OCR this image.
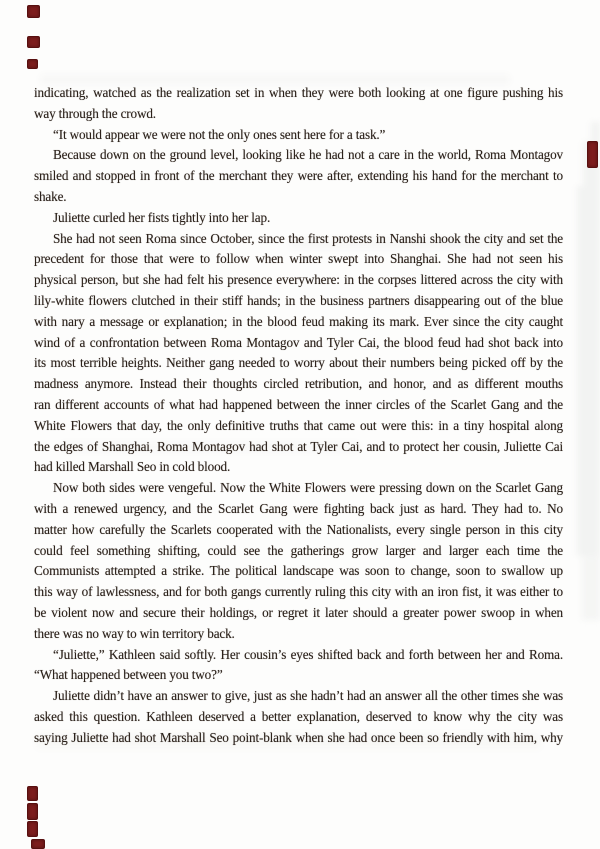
indicating, watched as the realization set in when they were both looking at one figure pushing his
way through the crowd.
“It would appear we were not the only ones sent here for a task.”
Because down on the ground level, looking like he had not a care in the world, Roma Montagov
smiled and stopped in front of the merchant they were after, extending his hand for the merchant to
shake.
Juliette curled her fists tightly into her lap.
She had not seen Roma since October, since the first protests in Nanshi shook the city and set the
precedent for those that were to follow when winter swept into Shanghai. She had not seen his
physical person, but she had felt his presence everywhere: in the corpses littered across the city with
lily-white flowers clutched in their stiff hands; in the business partners disappearing out of the blue
with nary a message or explanation; in the blood feud making its mark. Ever since the city caught
wind of a confrontation between Roma Montagov and Tyler Cai, the blood feud had shot back into
its most terrible heights. Neither gang needed to worry about their numbers being picked off by the
madness anymore. Instead their thoughts circled retribution, and honor, and as different mouths
ran different accounts of what had happened between the inner circles of the Scarlet Gang and the
White Flowers that day, the only definitive truths that came out were this: in a tiny hospital along
the edges of Shanghai, Roma Montagov had shot at Tyler Cai, and to protect her cousin, Juliette Cai
had killed Marshall Seo in cold blood.
Now both sides were vengeful. Now the White Flowers were pressing down on the Scarlet Gang
with a renewed urgency, and the Scarlet Gang were fighting back just as hard. They had to. No
matter how carefully the Scarlets cooperated with the Nationalists, every single person in this city
could feel something shifting, could see the gatherings grow larger and larger each time the
Communists attempted a strike. The political landscape was soon to change, soon to swallow up
this way of lawlessness, and for both gangs currently ruling this city with an iron fist, it was either to
be violent now and secure their holdings, or regret it later should a greater power swoop in when
there was no way to win territory back.
“Juliette,” Kathleen said softly. Her cousin’s eyes shifted back and forth between her and Roma.
“What happened between you two?”
Juliette didn’t have an answer to give, just as she hadn’t had an answer all the other times she was
asked this question. Kathleen deserved a better explanation, deserved to know why the city was
saying Juliette had shot Marshall Seo point-blank when she had once been so friendly with him, why
